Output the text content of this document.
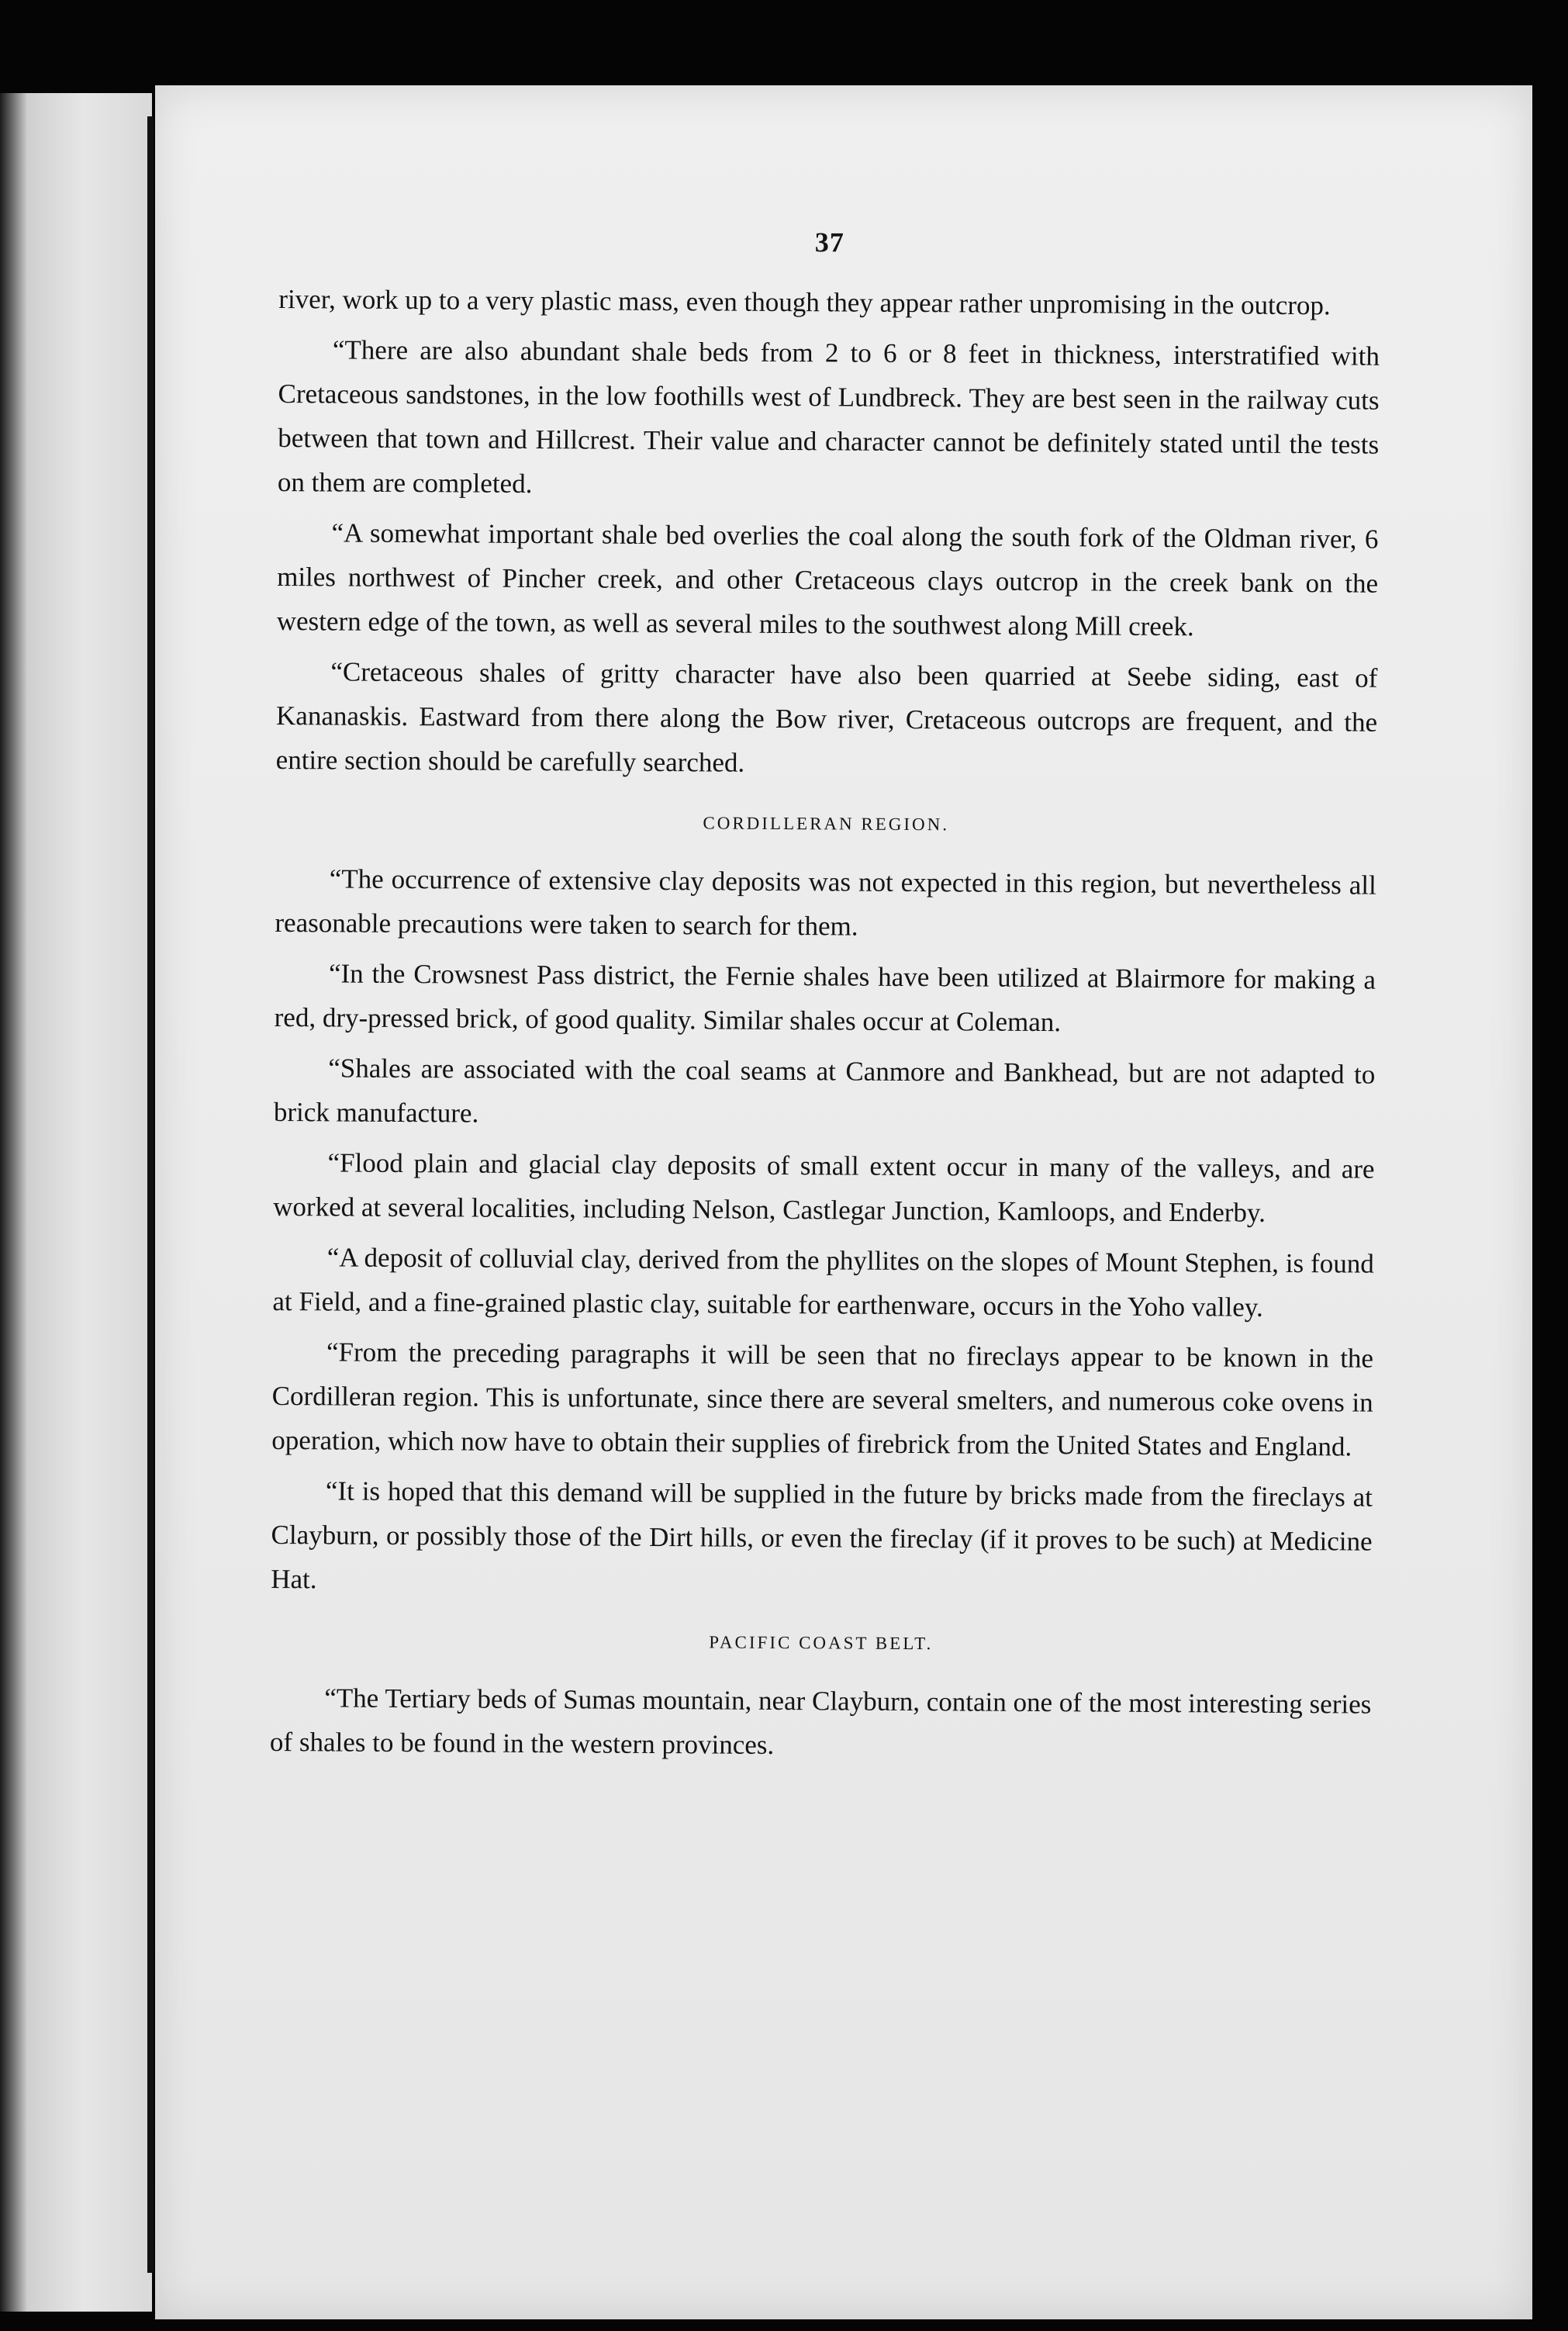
37

river, work up to a very plastic mass, even though they appear rather unpromising in the outcrop.

“There are also abundant shale beds from 2 to 6 or 8 feet in thickness, interstratified with Cretaceous sandstones, in the low foothills west of Lundbreck. They are best seen in the railway cuts between that town and Hillcrest. Their value and character cannot be definitely stated until the tests on them are completed.

“A somewhat important shale bed overlies the coal along the south fork of the Oldman river, 6 miles northwest of Pincher creek, and other Cretaceous clays outcrop in the creek bank on the western edge of the town, as well as several miles to the southwest along Mill creek.

“Cretaceous shales of gritty character have also been quarried at Seebe siding, east of Kananaskis. Eastward from there along the Bow river, Cretaceous outcrops are frequent, and the entire section should be carefully searched.

CORDILLERAN REGION.

“The occurrence of extensive clay deposits was not expected in this region, but nevertheless all reasonable precautions were taken to search for them.

“In the Crowsnest Pass district, the Fernie shales have been utilized at Blairmore for making a red, dry-pressed brick, of good quality. Similar shales occur at Coleman.

“Shales are associated with the coal seams at Canmore and Bankhead, but are not adapted to brick manufacture.

“Flood plain and glacial clay deposits of small extent occur in many of the valleys, and are worked at several localities, including Nelson, Castlegar Junction, Kamloops, and Enderby.

“A deposit of colluvial clay, derived from the phyllites on the slopes of Mount Stephen, is found at Field, and a fine-grained plastic clay, suitable for earthenware, occurs in the Yoho valley.

“From the preceding paragraphs it will be seen that no fireclays appear to be known in the Cordilleran region. This is unfortunate, since there are several smelters, and numerous coke ovens in operation, which now have to obtain their supplies of firebrick from the United States and England.

“It is hoped that this demand will be supplied in the future by bricks made from the fireclays at Clayburn, or possibly those of the Dirt hills, or even the fireclay (if it proves to be such) at Medicine Hat.

PACIFIC COAST BELT.

“The Tertiary beds of Sumas mountain, near Clayburn, contain one of the most interesting series of shales to be found in the western provinces.
